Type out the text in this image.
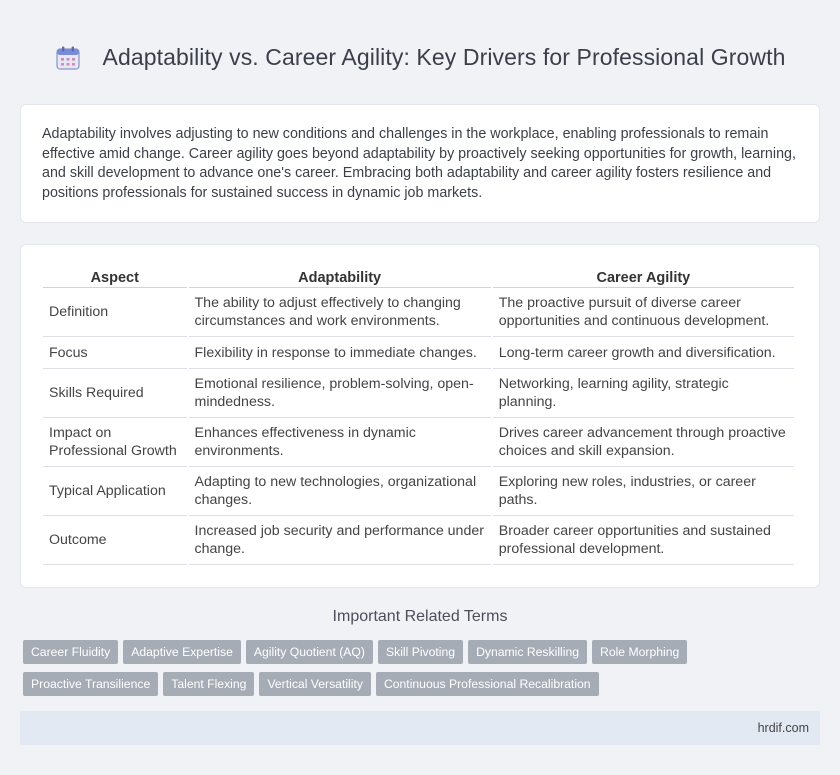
Adaptability vs. Career Agility: Key Drivers for Professional Growth

Adaptability involves adjusting to new conditions and challenges in the workplace, enabling professionals to remain effective amid change. Career agility goes beyond adaptability by proactively seeking opportunities for growth, learning, and skill development to advance one's career. Embracing both adaptability and career agility fosters resilience and positions professionals for sustained success in dynamic job markets.

Aspect	Adaptability	Career Agility
Definition	The ability to adjust effectively to changing circumstances and work environments.	The proactive pursuit of diverse career opportunities and continuous development.
Focus	Flexibility in response to immediate changes.	Long-term career growth and diversification.
Skills Required	Emotional resilience, problem-solving, open-mindedness.	Networking, learning agility, strategic planning.
Impact on Professional Growth	Enhances effectiveness in dynamic environments.	Drives career advancement through proactive choices and skill expansion.
Typical Application	Adapting to new technologies, organizational changes.	Exploring new roles, industries, or career paths.
Outcome	Increased job security and performance under change.	Broader career opportunities and sustained professional development.
Important Related Terms
Career Fluidity Adaptive Expertise Agility Quotient (AQ) Skill Pivoting Dynamic Reskilling Role Morphing
Proactive Transilience Talent Flexing Vertical Versatility Continuous Professional Recalibration
hrdif.com
